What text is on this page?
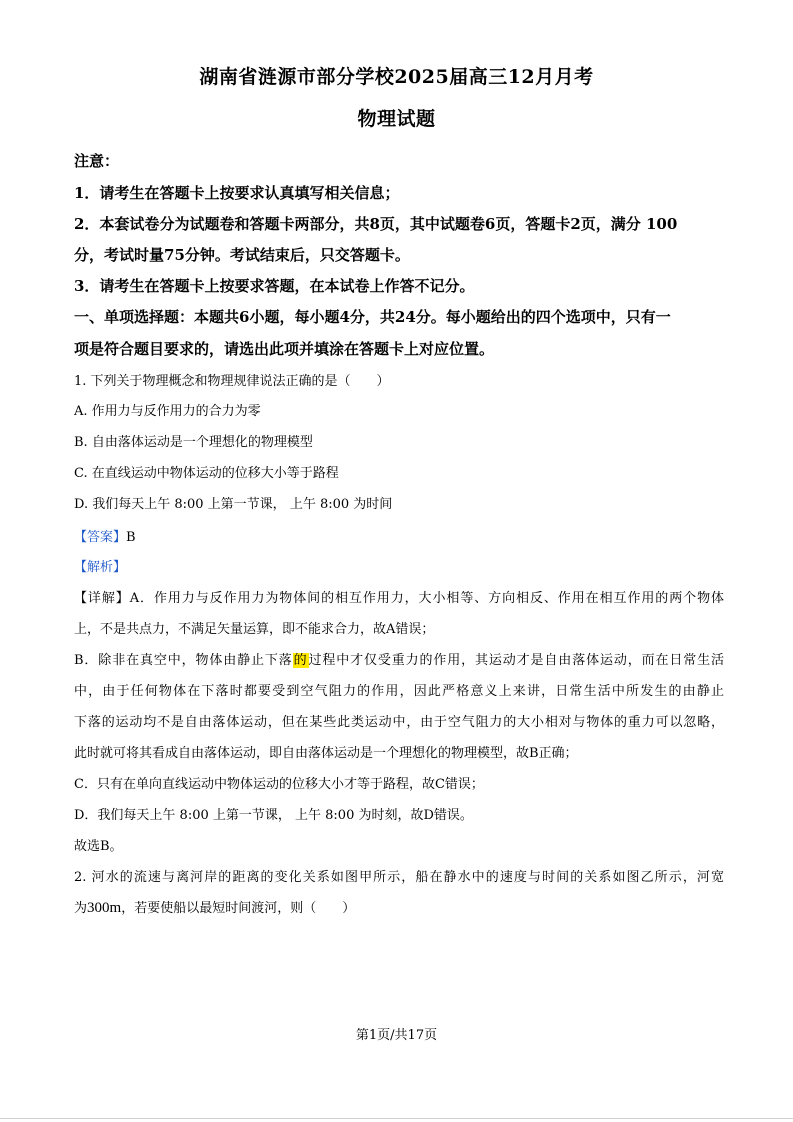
湖南省涟源市部分学校2025届高三12月月考
物理试题
注意：
1．请考生在答题卡上按要求认真填写相关信息；
2．本套试卷分为试题卷和答题卡两部分，共8页，其中试题卷6页，答题卡2页，满分 100
分，考试时量75分钟。考试结束后，只交答题卡。
3．请考生在答题卡上按要求答题，在本试卷上作答不记分。
一、单项选择题：本题共6小题，每小题4分，共24分。每小题给出的四个选项中，只有一
项是符合题目要求的，请选出此项并填涂在答题卡上对应位置。
1. 下列关于物理概念和物理规律说法正确的是（　　）
A. 作用力与反作用力的合力为零
B. 自由落体运动是一个理想化的物理模型
C. 在直线运动中物体运动的位移大小等于路程
D. 我们每天上午 8:00 上第一节课， 上午 8:00 为时间
【答案】B
【解析】
【详解】A．作用力与反作用力为物体间的相互作用力，大小相等、方向相反、作用在相互作用的两个物体
上，不是共点力，不满足矢量运算，即不能求合力，故A错误；
B．除非在真空中，物体由静止下落的过程中才仅受重力的作用，其运动才是自由落体运动，而在日常生活
中，由于任何物体在下落时都要受到空气阻力的作用，因此严格意义上来讲，日常生活中所发生的由静止
下落的运动均不是自由落体运动，但在某些此类运动中，由于空气阻力的大小相对与物体的重力可以忽略，
此时就可将其看成自由落体运动，即自由落体运动是一个理想化的物理模型，故B正确；
C．只有在单向直线运动中物体运动的位移大小才等于路程，故C错误；
D．我们每天上午 8:00 上第一节课， 上午 8:00 为时刻，故D错误。
故选B。
2. 河水的流速与离河岸的距离的变化关系如图甲所示，船在静水中的速度与时间的关系如图乙所示，河宽
为300m，若要使船以最短时间渡河，则（　　）
第1页/共17页
